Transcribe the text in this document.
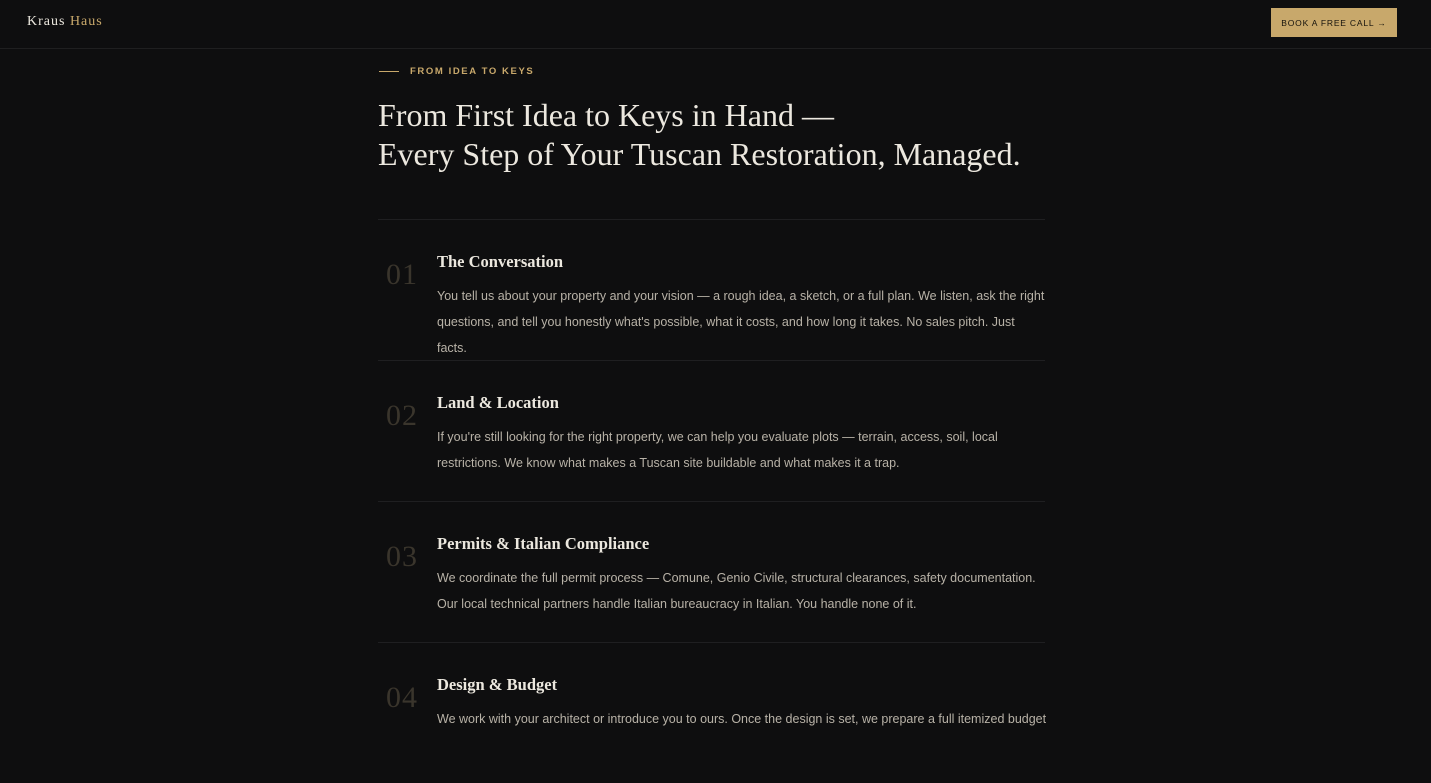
Kraus Haus	BOOK A FREE CALL →
FROM IDEA TO KEYS
From First Idea to Keys in Hand —
Every Step of Your Tuscan Restoration, Managed.
01 The Conversation

You tell us about your property and your vision — a rough idea, a sketch, or a full plan. We listen, ask the right questions, and tell you honestly what's possible, what it costs, and how long it takes. No sales pitch. Just facts.

02 Land & Location

If you're still looking for the right property, we can help you evaluate plots — terrain, access, soil, local restrictions. We know what makes a Tuscan site buildable and what makes it a trap.

03 Permits & Italian Compliance

We coordinate the full permit process — Comune, Genio Civile, structural clearances, safety documentation. Our local technical partners handle Italian bureaucracy in Italian. You handle none of it.

04 Design & Budget

We work with your architect or introduce you to ours. Once the design is set, we prepare a full itemized budget
